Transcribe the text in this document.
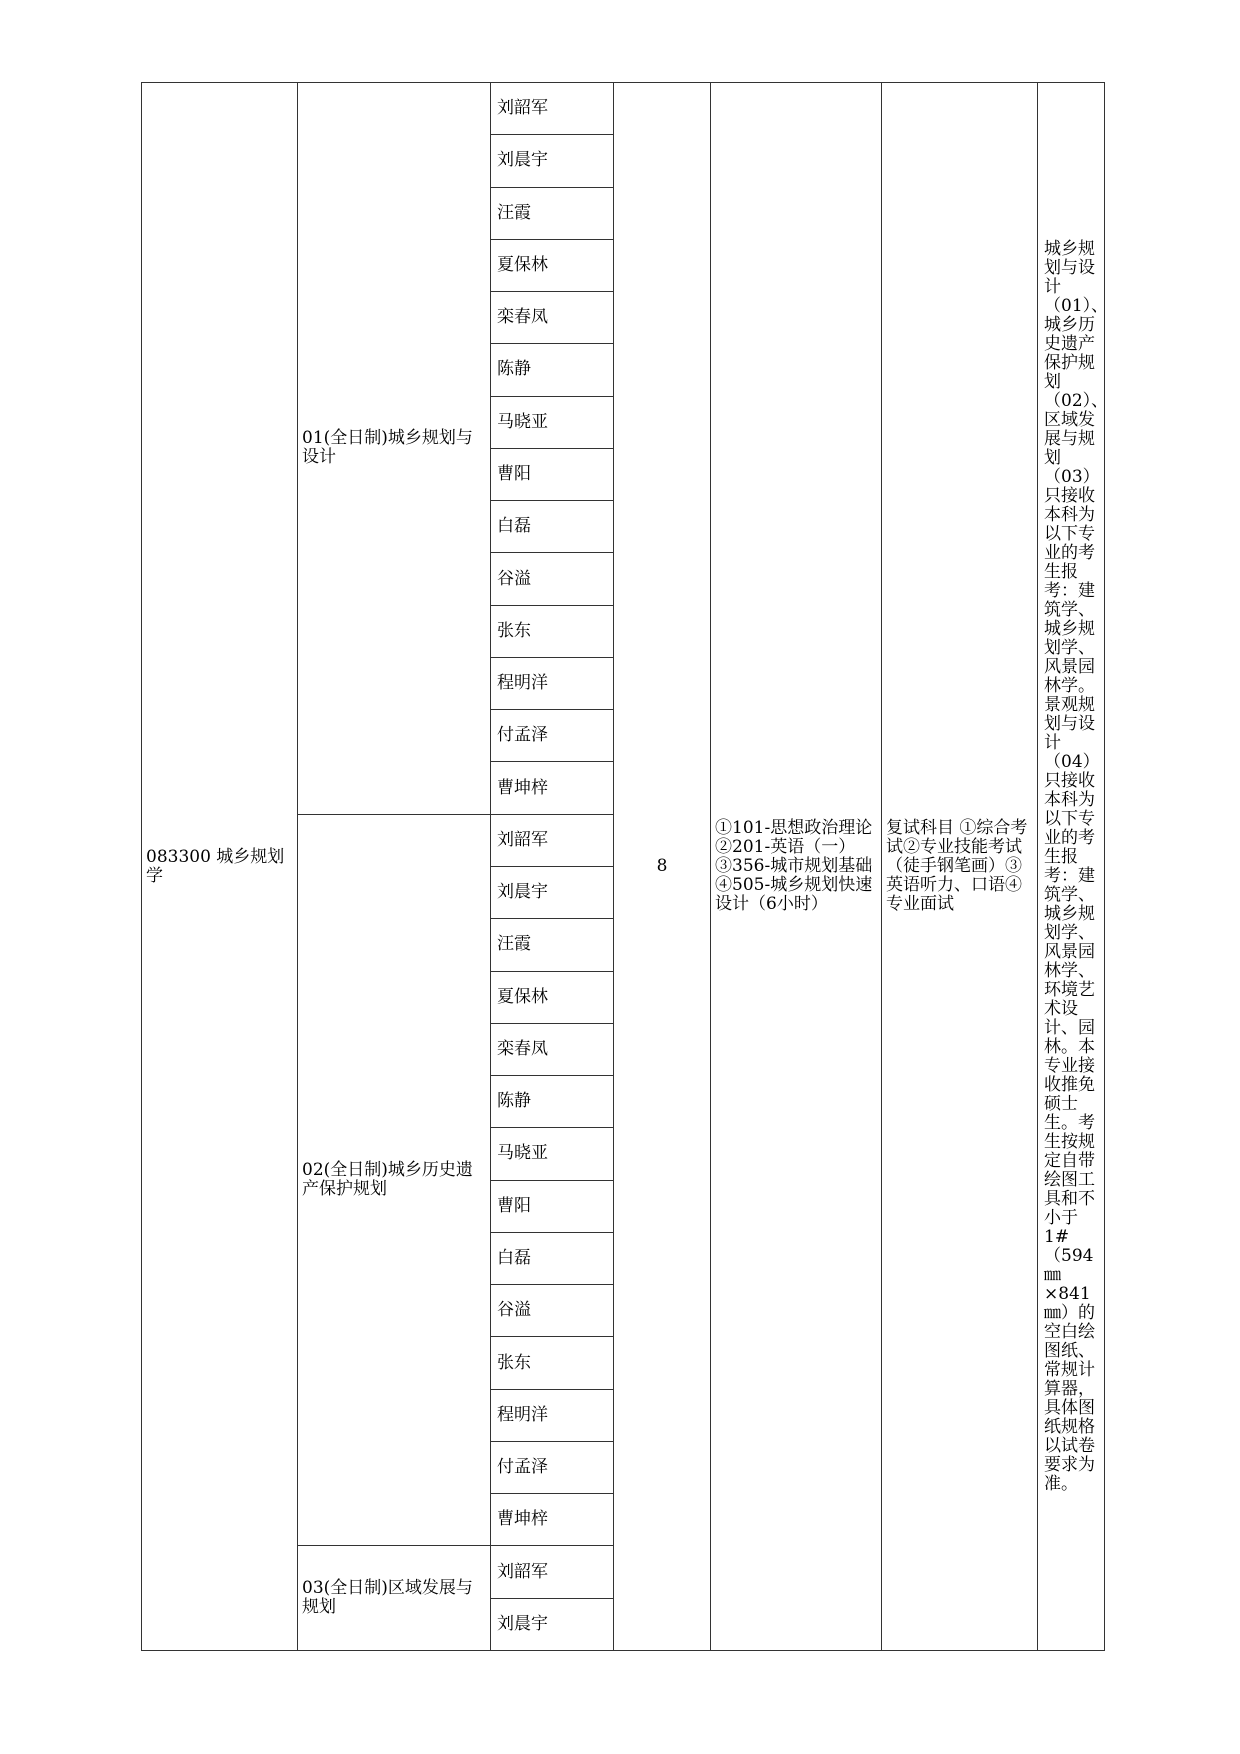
083300 城乡规划学	01(全日制)城乡规划与设计	刘韶军	8	①101-思想政治理论
②201-英语（一）
③356-城市规划基础
④505-城乡规划快速设计（6小时）	复试科目 ①综合考试②专业技能考试（徒手钢笔画）③英语听力、口语④专业面试	城乡规划与设计（01）、城乡历史遗产保护规划（02）、区域发展与规划（03）只接收本科为以下专业的考生报考：建筑学、城乡规划学、风景园林学。景观规划与设计（04）只接收本科为以下专业的考生报考：建筑学、城乡规划学、风景园林学、环境艺术设计、园林。本专业接收推免硕士生。考生按规定自带绘图工具和不小于1#（594㎜×841㎜）的空白绘图纸、常规计算器，具体图纸规格以试卷要求为准。
		刘晨宇				
		汪霞				
		夏保林				
		栾春凤				
		陈静				
		马晓亚				
		曹阳				
		白磊				
		谷溢				
		张东				
		程明洋				
		付孟泽				
		曹坤梓				
	02(全日制)城乡历史遗产保护规划	刘韶军				
		刘晨宇				
		汪霞				
		夏保林				
		栾春凤				
		陈静				
		马晓亚				
		曹阳				
		白磊				
		谷溢				
		张东				
		程明洋				
		付孟泽				
		曹坤梓				
	03(全日制)区域发展与规划	刘韶军				
		刘晨宇				
